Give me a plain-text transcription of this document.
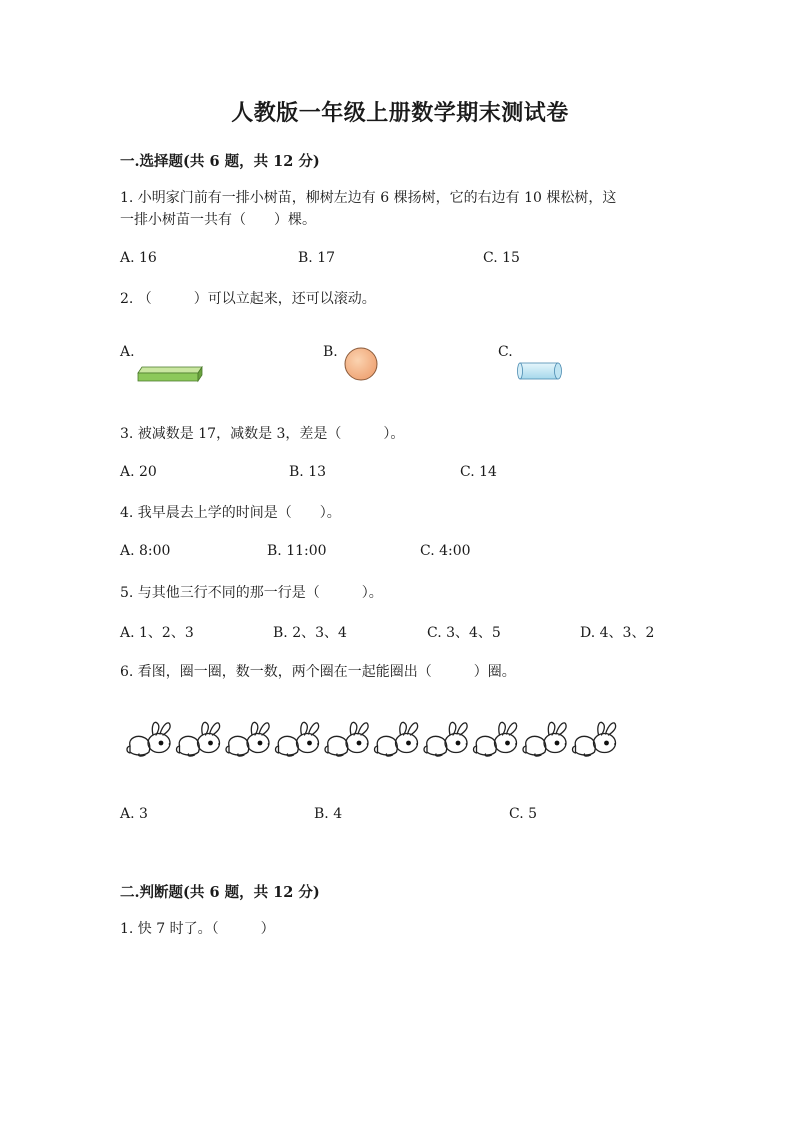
人教版一年级上册数学期末测试卷
一.选择题(共 6 题，共 12 分)
1. 小明家门前有一排小树苗，柳树左边有 6 棵扬树，它的右边有 10 棵松树，这
一排小树苗一共有（　　）棵。
A. 16	B. 17	C. 15
2. （　　　）可以立起来，还可以滚动。
A.	B.	C.
3. 被减数是 17，减数是 3，差是（　　　）。
A. 20	B. 13	C. 14
4. 我早晨去上学的时间是（　　）。
A. 8:00	B. 11:00	C. 4:00
5. 与其他三行不同的那一行是（　　　）。
A. 1、2、3	B. 2、3、4	C. 3、4、5	D. 4、3、2
6. 看图，圈一圈，数一数，两个圈在一起能圈出（　　　）圈。
A. 3	B. 4	C. 5
二.判断题(共 6 题，共 12 分)
1. 快 7 时了。（　　　）
